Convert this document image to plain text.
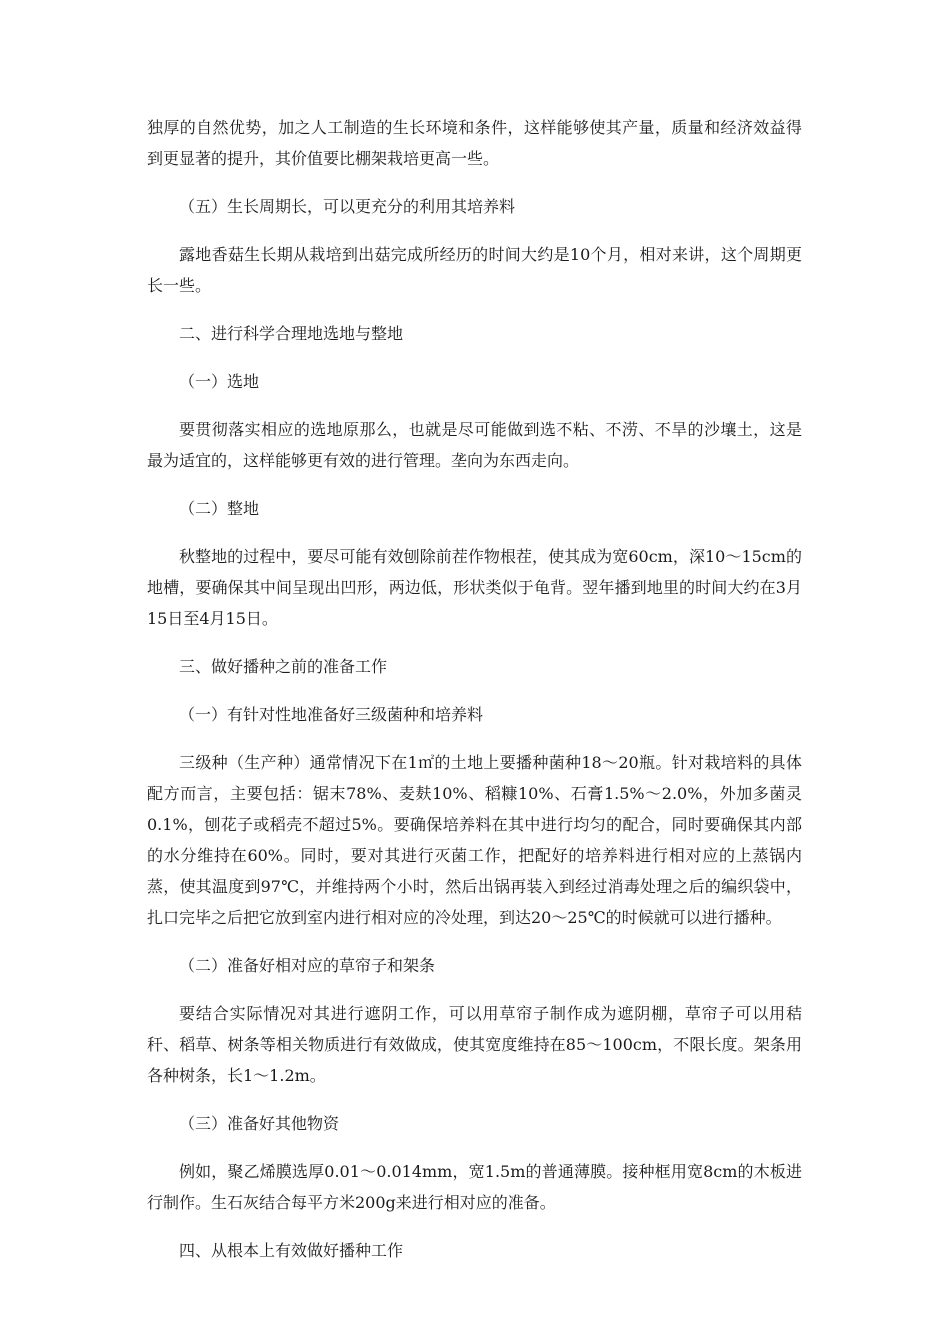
独厚的自然优势，加之人工制造的生长环境和条件，这样能够使其产量，质量和经济效益得到更显著的提升，其价值要比棚架栽培更高一些。

（五）生长周期长，可以更充分的利用其培养料

露地香菇生长期从栽培到出菇完成所经历的时间大约是10个月，相对来讲，这个周期更长一些。

二、进行科学合理地选地与整地

（一）选地

要贯彻落实相应的选地原那么，也就是尽可能做到选不粘、不涝、不旱的沙壤土，这是最为适宜的，这样能够更有效的进行管理。垄向为东西走向。

（二）整地

秋整地的过程中，要尽可能有效刨除前茬作物根茬，使其成为宽60cm，深10～15cm的地槽，要确保其中间呈现出凹形，两边低，形状类似于龟背。翌年播到地里的时间大约在3月15日至4月15日。

三、做好播种之前的准备工作

（一）有针对性地准备好三级菌种和培养料

三级种（生产种）通常情况下在1㎡的土地上要播种菌种18～20瓶。针对栽培料的具体配方而言，主要包括：锯末78%、麦麸10%、稻糠10%、石膏1.5%～2.0%，外加多菌灵0.1%，刨花子或稻壳不超过5%。要确保培养料在其中进行均匀的配合，同时要确保其内部的水分维持在60%。同时，要对其进行灭菌工作，把配好的培养料进行相对应的上蒸锅内蒸，使其温度到97℃，并维持两个小时，然后出锅再装入到经过消毒处理之后的编织袋中，扎口完毕之后把它放到室内进行相对应的冷处理，到达20～25℃的时候就可以进行播种。

（二）准备好相对应的草帘子和架条

要结合实际情况对其进行遮阴工作，可以用草帘子制作成为遮阴棚，草帘子可以用秸秆、稻草、树条等相关物质进行有效做成，使其宽度维持在85～100cm，不限长度。架条用各种树条，长1～1.2m。

（三）准备好其他物资

例如，聚乙烯膜选厚0.01～0.014mm，宽1.5m的普通薄膜。接种框用宽8cm的木板进行制作。生石灰结合每平方米200g来进行相对应的准备。

四、从根本上有效做好播种工作
